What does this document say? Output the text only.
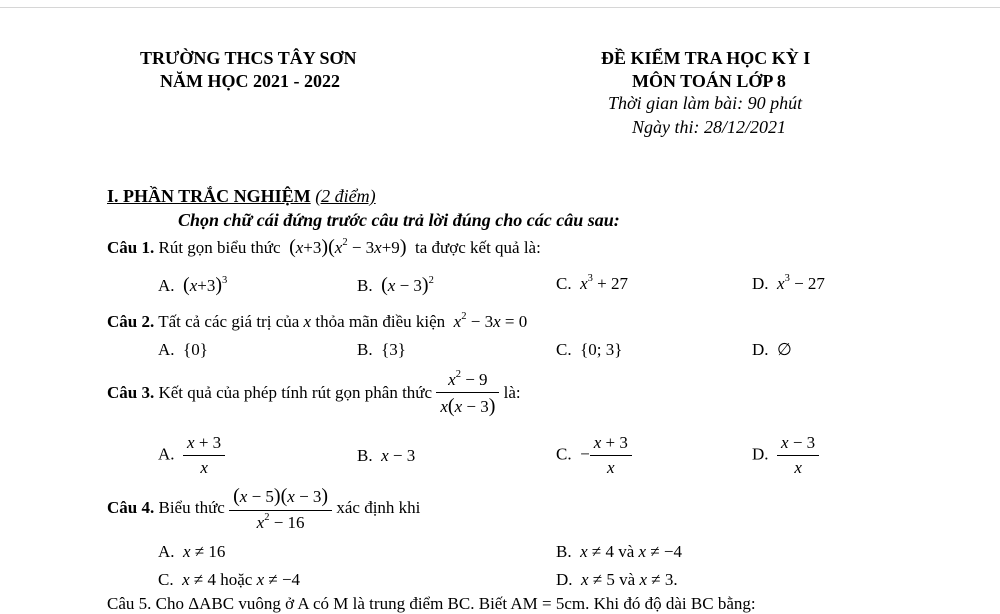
TRƯỜNG THCS TÂY SƠN
NĂM HỌC 2021 - 2022
ĐỀ KIỂM TRA HỌC KỲ I
MÔN TOÁN LỚP 8
Thời gian làm bài: 90 phút
Ngày thi: 28/12/2021
I. PHẦN TRẮC NGHIỆM (2 điểm)
Chọn chữ cái đứng trước câu trả lời đúng cho các câu sau:
Câu 1. Rút gọn biểu thức $(x+3)(x^2 - 3x+9)$ ta được kết quả là:
A. $(x+3)^3$	B. $(x - 3)^2$	C. $x^3 + 27$	D. $x^3 - 27$
Câu 2. Tất cả các giá trị của x thỏa mãn điều kiện $x^2 - 3x = 0$
A. {0}	B. {3}	C. {0; 3}	D. ∅
Câu 3. Kết quả của phép tính rút gọn phân thức $\frac{x^2 - 9}{x(x - 3)}$ là:
A. $\frac{x + 3}{x}$	B. x − 3	C. − $\frac{x + 3}{x}$	D. $\frac{x - 3}{x}$
Câu 4. Biểu thức $\frac{(x - 5)(x - 3)}{x^2 - 16}$ xác định khi
A. x ≠ 16	B. x ≠ 4 và x ≠ −4
C. x ≠ 4 hoặc x ≠ −4	D. x ≠ 5 và x ≠ 3.
Câu 5. Cho ΔABC vuông ở A có M là trung điểm BC. Biết AM = 5cm. Khi đó độ dài BC bằng:
